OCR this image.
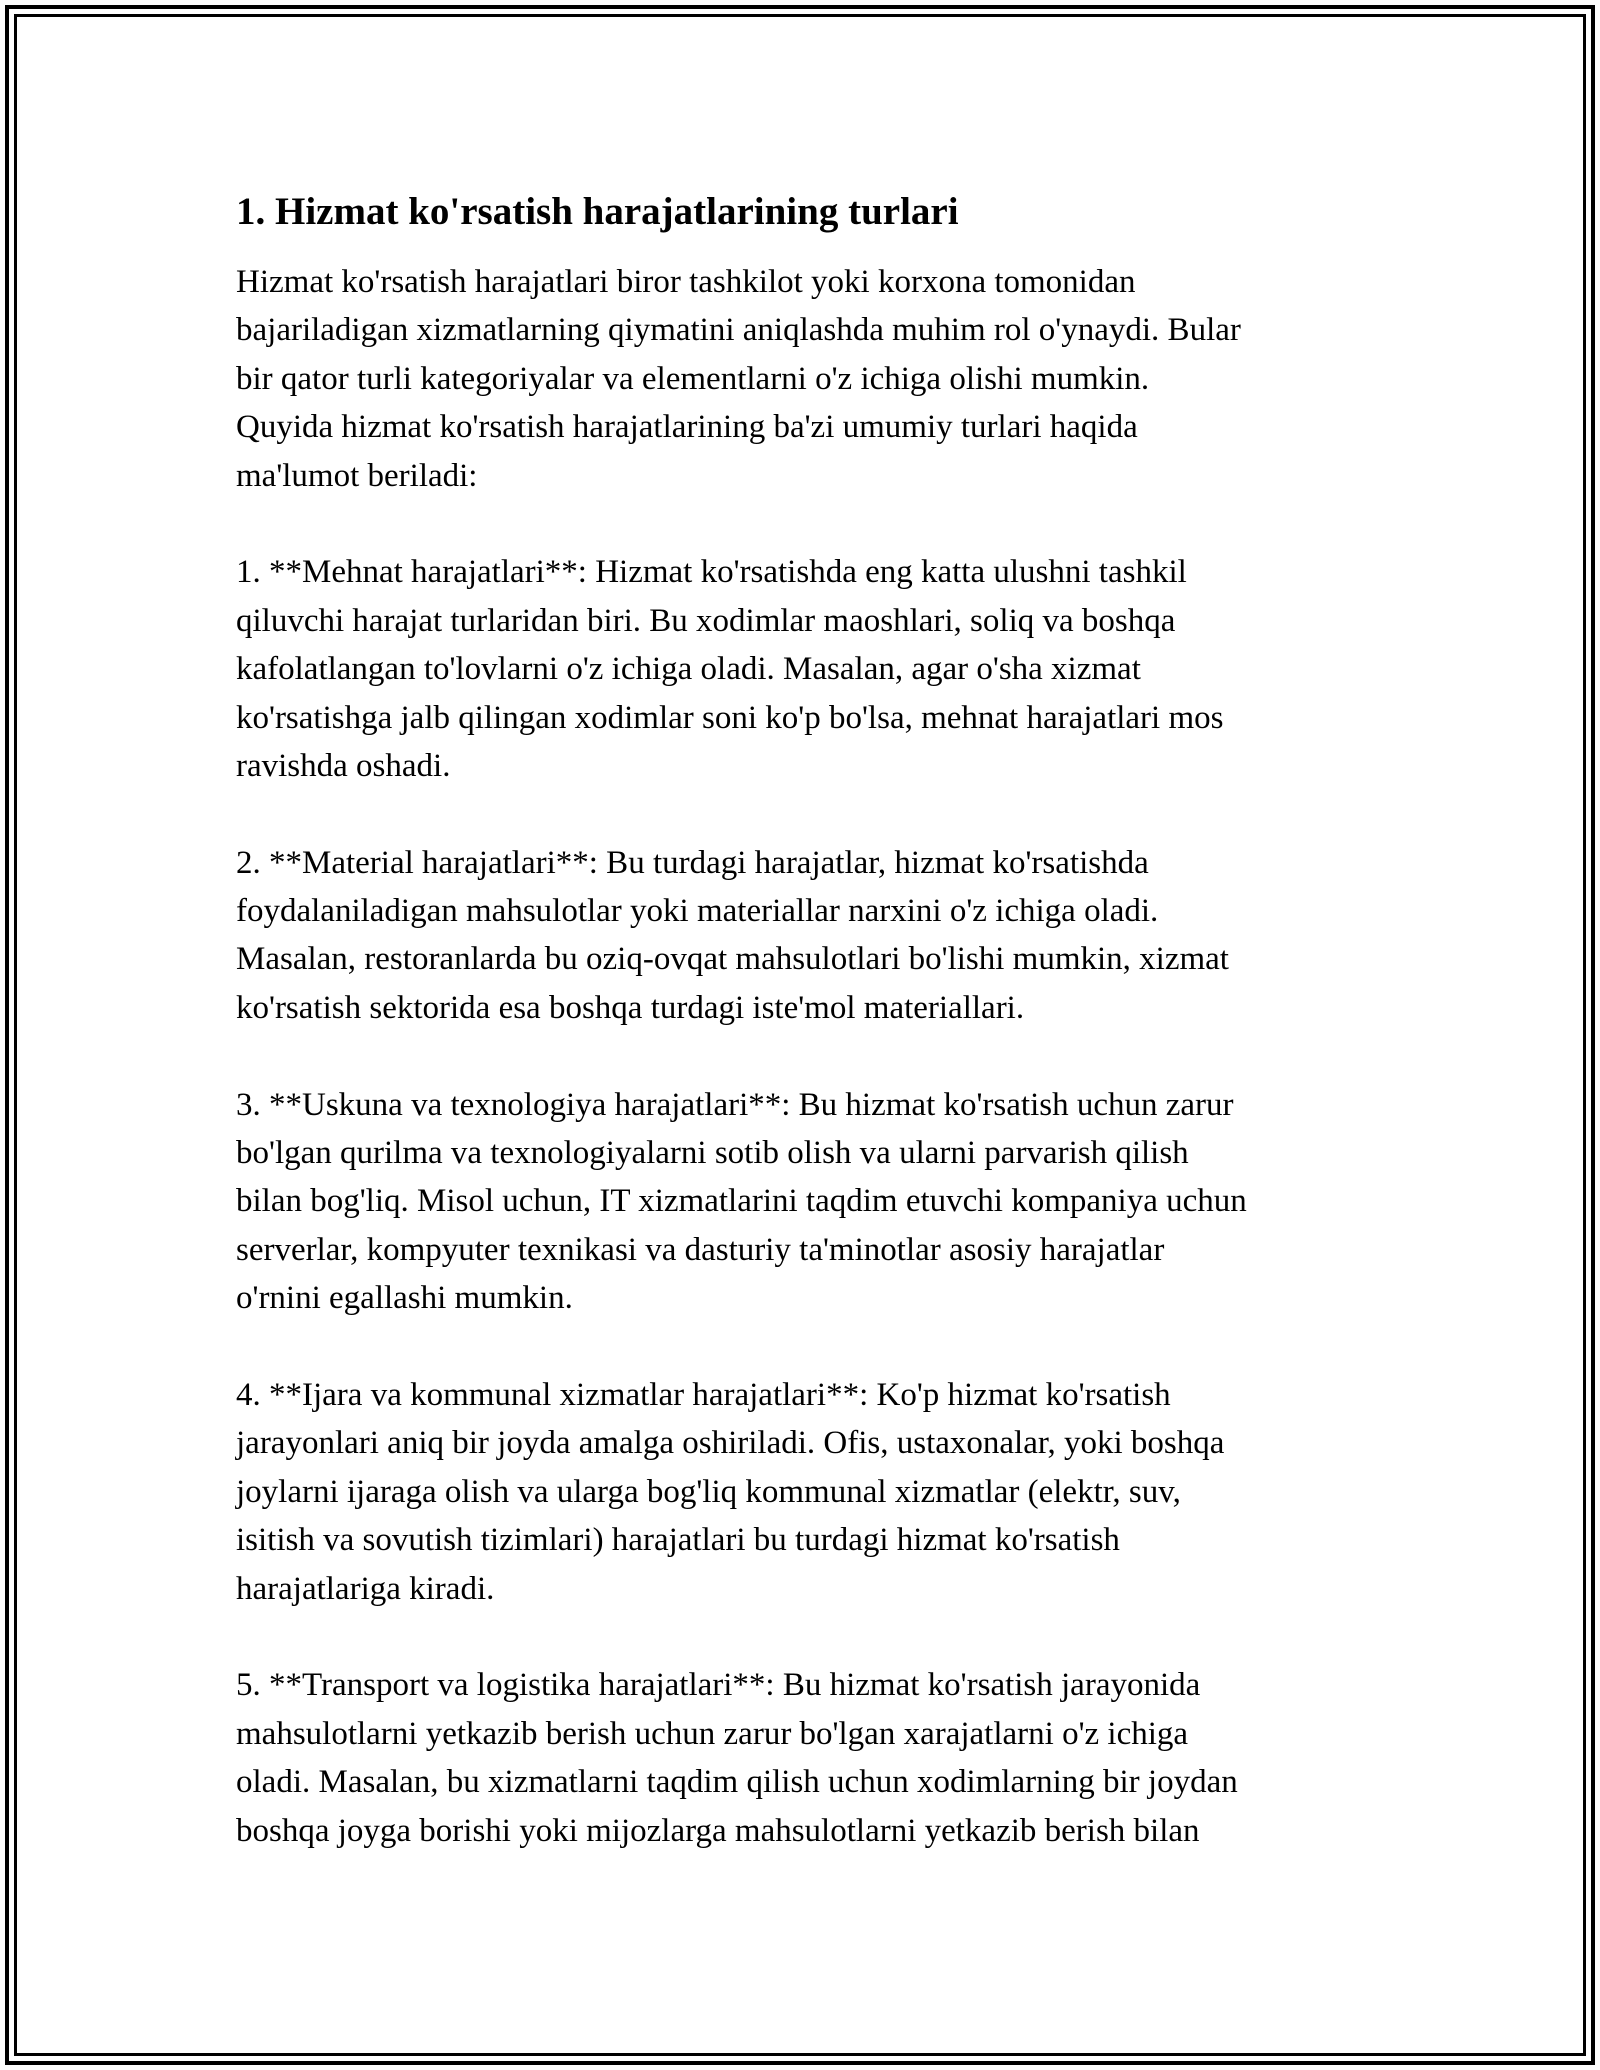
1. Hizmat ko'rsatish harajatlarining turlari
Hizmat ko'rsatish harajatlari biror tashkilot yoki korxona tomonidan
bajariladigan xizmatlarning qiymatini aniqlashda muhim rol o'ynaydi. Bular
bir qator turli kategoriyalar va elementlarni o'z ichiga olishi mumkin.
Quyida hizmat ko'rsatish harajatlarining ba'zi umumiy turlari haqida
ma'lumot beriladi:
1. **Mehnat harajatlari**: Hizmat ko'rsatishda eng katta ulushni tashkil
qiluvchi harajat turlaridan biri. Bu xodimlar maoshlari, soliq va boshqa
kafolatlangan to'lovlarni o'z ichiga oladi. Masalan, agar o'sha xizmat
ko'rsatishga jalb qilingan xodimlar soni ko'p bo'lsa, mehnat harajatlari mos
ravishda oshadi.
2. **Material harajatlari**: Bu turdagi harajatlar, hizmat ko'rsatishda
foydalaniladigan mahsulotlar yoki materiallar narxini o'z ichiga oladi.
Masalan, restoranlarda bu oziq-ovqat mahsulotlari bo'lishi mumkin, xizmat
ko'rsatish sektorida esa boshqa turdagi iste'mol materiallari.
3. **Uskuna va texnologiya harajatlari**: Bu hizmat ko'rsatish uchun zarur
bo'lgan qurilma va texnologiyalarni sotib olish va ularni parvarish qilish
bilan bog'liq. Misol uchun, IT xizmatlarini taqdim etuvchi kompaniya uchun
serverlar, kompyuter texnikasi va dasturiy ta'minotlar asosiy harajatlar
o'rnini egallashi mumkin.
4. **Ijara va kommunal xizmatlar harajatlari**: Ko'p hizmat ko'rsatish
jarayonlari aniq bir joyda amalga oshiriladi. Ofis, ustaxonalar, yoki boshqa
joylarni ijaraga olish va ularga bog'liq kommunal xizmatlar (elektr, suv,
isitish va sovutish tizimlari) harajatlari bu turdagi hizmat ko'rsatish
harajatlariga kiradi.
5. **Transport va logistika harajatlari**: Bu hizmat ko'rsatish jarayonida
mahsulotlarni yetkazib berish uchun zarur bo'lgan xarajatlarni o'z ichiga
oladi. Masalan, bu xizmatlarni taqdim qilish uchun xodimlarning bir joydan
boshqa joyga borishi yoki mijozlarga mahsulotlarni yetkazib berish bilan
